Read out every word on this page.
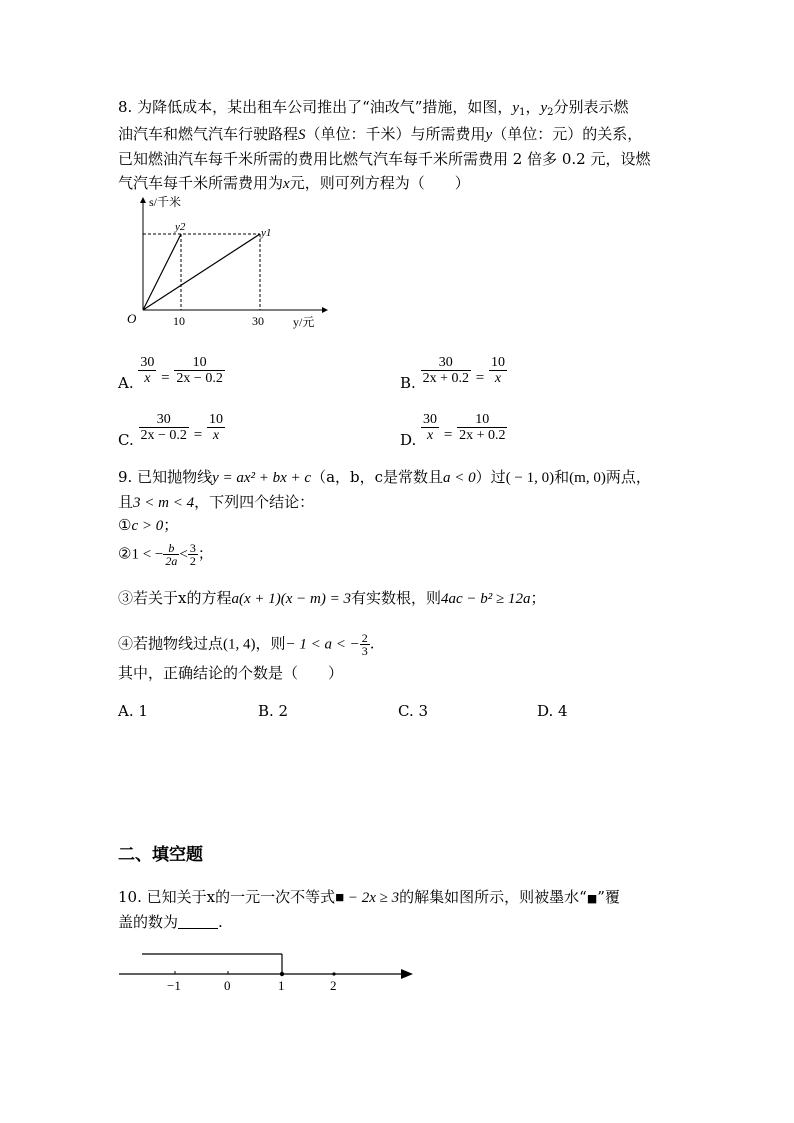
8. 为降低成本，某出租车公司推出了“油改气”措施，如图，$y_1$，$y_2$分别表示燃
油汽车和燃气汽车行驶路程S（单位：千米）与所需费用y（单位：元）的关系，
已知燃油汽车每千米所需的费用比燃气汽车每千米所需费用 2 倍多 0.2 元，设燃
气汽车每千米所需费用为x元，则可列方程为（　　）
s/千米
y/元
O	10	30
y2	y1
A. $\frac{30}{x} = \frac{10}{2x - 0.2}$	B. $\frac{30}{2x + 0.2} = \frac{10}{x}$
C. $\frac{30}{2x - 0.2} = \frac{10}{x}$	D. $\frac{30}{x} = \frac{10}{2x + 0.2}$
9. 已知抛物线y = ax² + bx + c（a，b，c是常数且a < 0）过( − 1, 0)和(m, 0)两点，
且3 < m < 4，下列四个结论：
①c > 0；
②1 < − $\frac{b}{2a} < \frac{3}{2}$ ；
③若关于x的方程a(x + 1)(x − m) = 3有实数根，则4ac − b² ≥ 12a；
④若抛物线过点(1, 4)，则− 1 < a < − $\frac{2}{3}$ .
其中，正确结论的个数是（　　）
A. 1	B. 2	C. 3	D. 4
二、填空题
10. 已知关于x的一元一次不等式■ − 2x ≥ 3的解集如图所示，则被墨水“■”覆
盖的数为	.
−1	0	1	2
